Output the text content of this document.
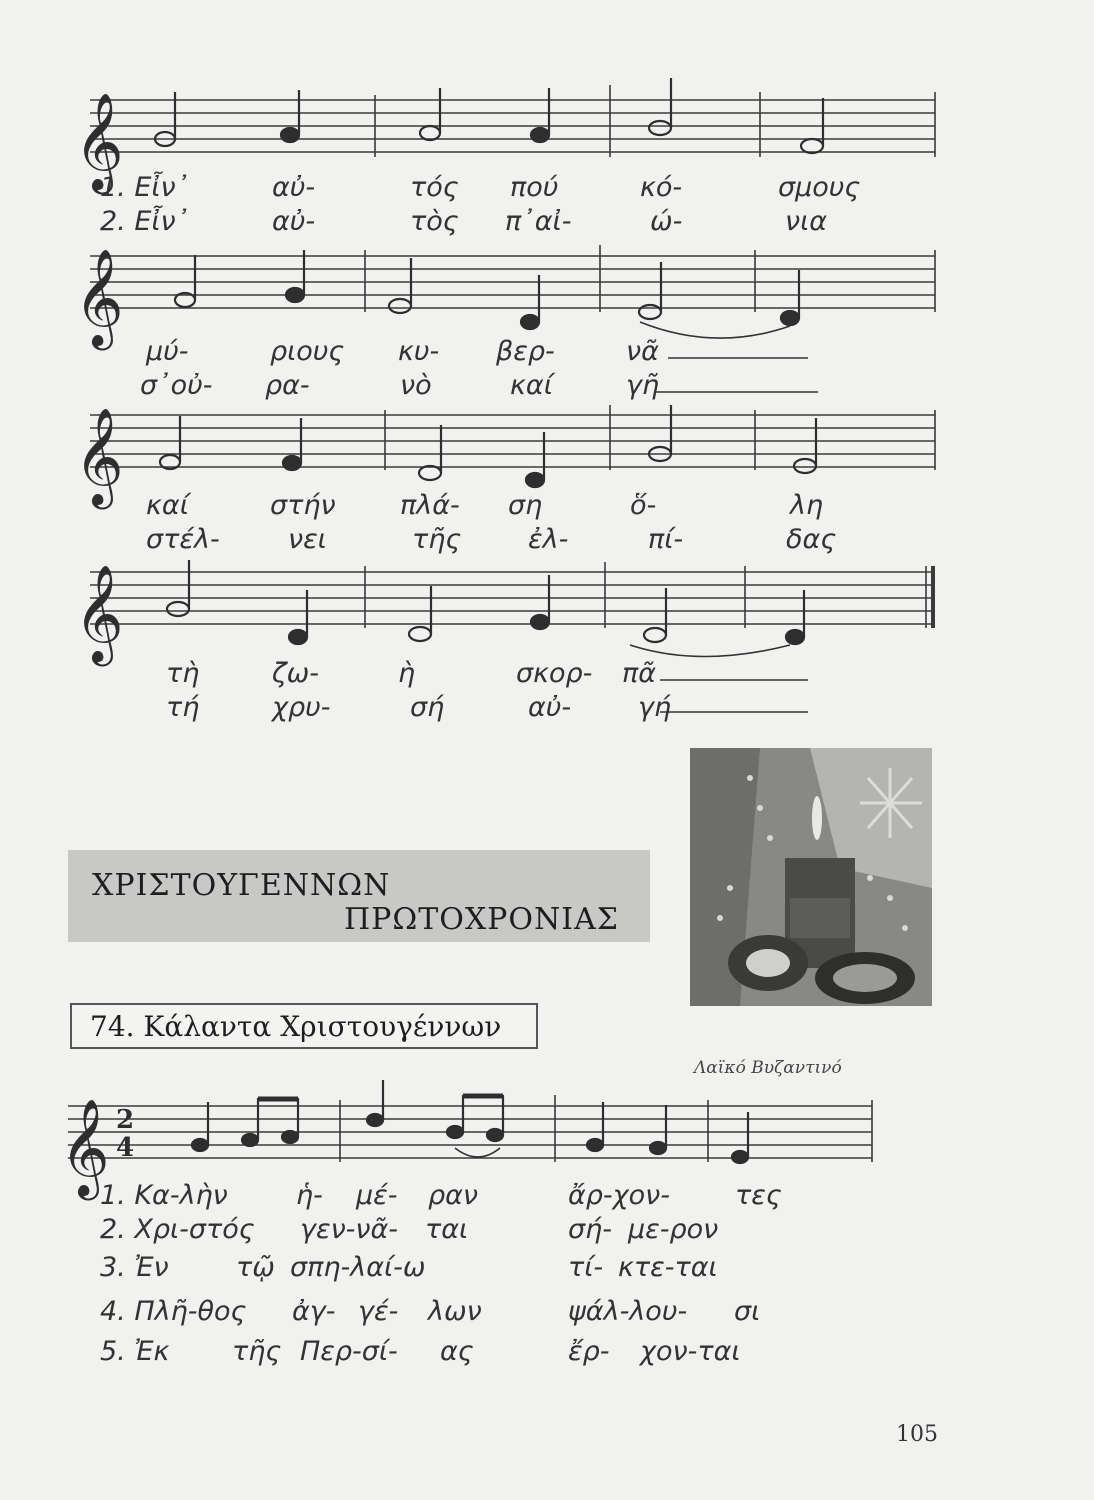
𝄞
𝄞
𝄞
𝄞
𝄞 2
4
1. Εἶν᾽	αὐ-	τός πού	κό-	σμους
2. Εἶν᾽	αὐ-	τὸς π᾽αἰ-	ώ-	νια
μύ-	ριους κυ- βερ-	νᾶ
σ᾽οὐ- ρα-	νὸ	καί	γῆ
καί	στήν πλά- ση	ὅ-	λη
στέλ-	νει	τῆς ἐλ-	πί-	δας
τὴ	ζω-	ὴ	σκορ- πᾶ
τή	χρυ-	σή	αὐ- γή
ΧΡΙΣΤΟΥΓΕΝΝΩΝ
ΠΡΩΤΟΧΡΟΝΙΑΣ
74. Κάλαντα Χριστουγέννων
Λαϊκό Βυζαντινό
1. Κα-λὴν	ἡ- μέ- ραν	ἄρ-χον- τες
2. Χρι-στός γεν-νᾶ- ται	σή- με-ρον
3. Ἐν τῷ σπη-λαί-ω	τί- κτε-ται
4. Πλῆ-θος ἀγ- γέ- λων	ψάλ-λου- σι
5. Ἐκ τῆς Περ-σί- ας	ἔρ- χον-ται
105
